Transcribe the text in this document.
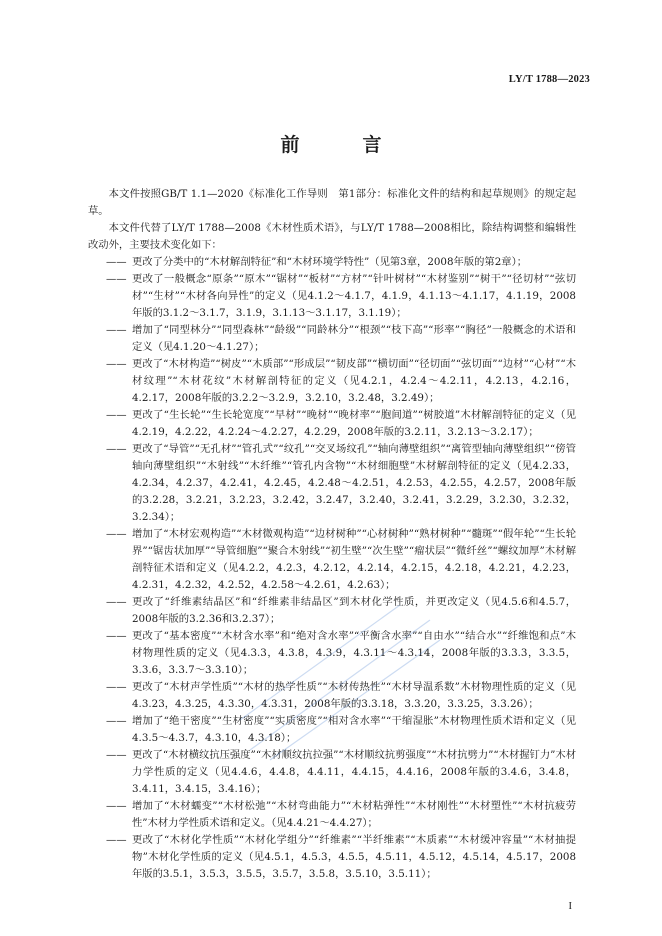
LY/T 1788—2023
前　言

本文件按照GB/T 1.1—2020《标准化工作导则　第1部分：标准化文件的结构和起草规则》的规定起草。

本文件代替了LY/T 1788—2008《木材性质术语》，与LY/T 1788—2008相比，除结构调整和编辑性改动外，主要技术变化如下：

—— 更改了分类中的“木材解剖特征”和“木材环境学特性”（见第3章，2008年版的第2章）；

—— 更改了一般概念“原条”“原木”“锯材”“板材”“方材”“针叶树材”“木材鉴别”“树干”“径切材”“弦切材”“生材”“木材各向异性”的定义（见4.1.2～4.1.7，4.1.9，4.1.13～4.1.17，4.1.19，2008年版的3.1.2～3.1.7，3.1.9，3.1.13～3.1.17，3.1.19）；

—— 增加了“同型林分”“同型森林”“龄级”“同龄林分”“根颈”“枝下高”“形率”“胸径”一般概念的术语和定义（见4.1.20～4.1.27）；

—— 更改了“木材构造”“树皮”“木质部”“形成层”“韧皮部”“横切面”“径切面”“弦切面”“边材”“心材”“木材纹理”“木材花纹”木材解剖特征的定义（见4.2.1，4.2.4～4.2.11，4.2.13，4.2.16，4.2.17，2008年版的3.2.2～3.2.9，3.2.10，3.2.48，3.2.49）；

—— 更改了“生长轮”“生长轮宽度”“早材”“晚材”“晚材率”“胞间道”“树胶道”木材解剖特征的定义（见4.2.19，4.2.22，4.2.24～4.2.27，4.2.29，2008年版的3.2.11，3.2.13～3.2.17）；

—— 更改了“导管”“无孔材”“管孔式”“纹孔”“交叉场纹孔”“轴向薄壁组织”“离管型轴向薄壁组织”“傍管轴向薄壁组织”“木射线”“木纤维”“管孔内含物”“木材细胞壁”木材解剖特征的定义（见4.2.33，4.2.34，4.2.37，4.2.41，4.2.45，4.2.48～4.2.51，4.2.53，4.2.55，4.2.57，2008年版的3.2.28，3.2.21，3.2.23，3.2.42，3.2.47，3.2.40，3.2.41，3.2.29，3.2.30，3.2.32，3.2.34）；

—— 增加了“木材宏观构造”“木材微观构造”“边材树种”“心材树种”“熟材树种”“髓斑”“假年轮”“生长轮界”“锯齿状加厚”“导管细胞”“聚合木射线”“初生壁”“次生壁”“瘤状层”“微纤丝”“螺纹加厚”木材解剖特征术语和定义（见4.2.2，4.2.3，4.2.12，4.2.14，4.2.15，4.2.18，4.2.21，4.2.23，4.2.31，4.2.32，4.2.52，4.2.58～4.2.61，4.2.63）；

—— 更改了“纤维素结晶区”和“纤维素非结晶区”到木材化学性质，并更改定义（见4.5.6和4.5.7，2008年版的3.2.36和3.2.37）；

—— 更改了“基本密度”“木材含水率”和“绝对含水率”“平衡含水率”“自由水”“结合水”“纤维饱和点”木材物理性质的定义（见4.3.3，4.3.8，4.3.9，4.3.11～4.3.14，2008年版的3.3.3，3.3.5，3.3.6，3.3.7～3.3.10）；

—— 更改了“木材声学性质”“木材的热学性质”“木材传热性”“木材导温系数”木材物理性质的定义（见4.3.23，4.3.25，4.3.30，4.3.31，2008年版的3.3.18，3.3.20，3.3.25，3.3.26）；

—— 增加了“绝干密度”“生材密度”“实质密度”“相对含水率”“干缩湿胀”木材物理性质术语和定义（见4.3.5～4.3.7，4.3.10，4.3.18）；

—— 更改了“木材横纹抗压强度”“木材顺纹抗拉强”“木材顺纹抗剪强度”“木材抗劈力”“木材握钉力”木材力学性质的定义（见4.4.6，4.4.8，4.4.11，4.4.15，4.4.16，2008年版的3.4.6，3.4.8，3.4.11，3.4.15，3.4.16）；

—— 增加了“木材蠕变”“木材松弛”“木材弯曲能力”“木材粘弹性”“木材刚性”“木材塑性”“木材抗疲劳性”木材力学性质术语和定义。（见4.4.21～4.4.27）；

—— 更改了“木材化学性质”“木材化学组分”“纤维素”“半纤维素”“木质素”“木材缓冲容量”“木材抽提物”木材化学性质的定义（见4.5.1，4.5.3，4.5.5，4.5.11，4.5.12，4.5.14，4.5.17，2008年版的3.5.1，3.5.3，3.5.5，3.5.7，3.5.8，3.5.10，3.5.11）；

I
